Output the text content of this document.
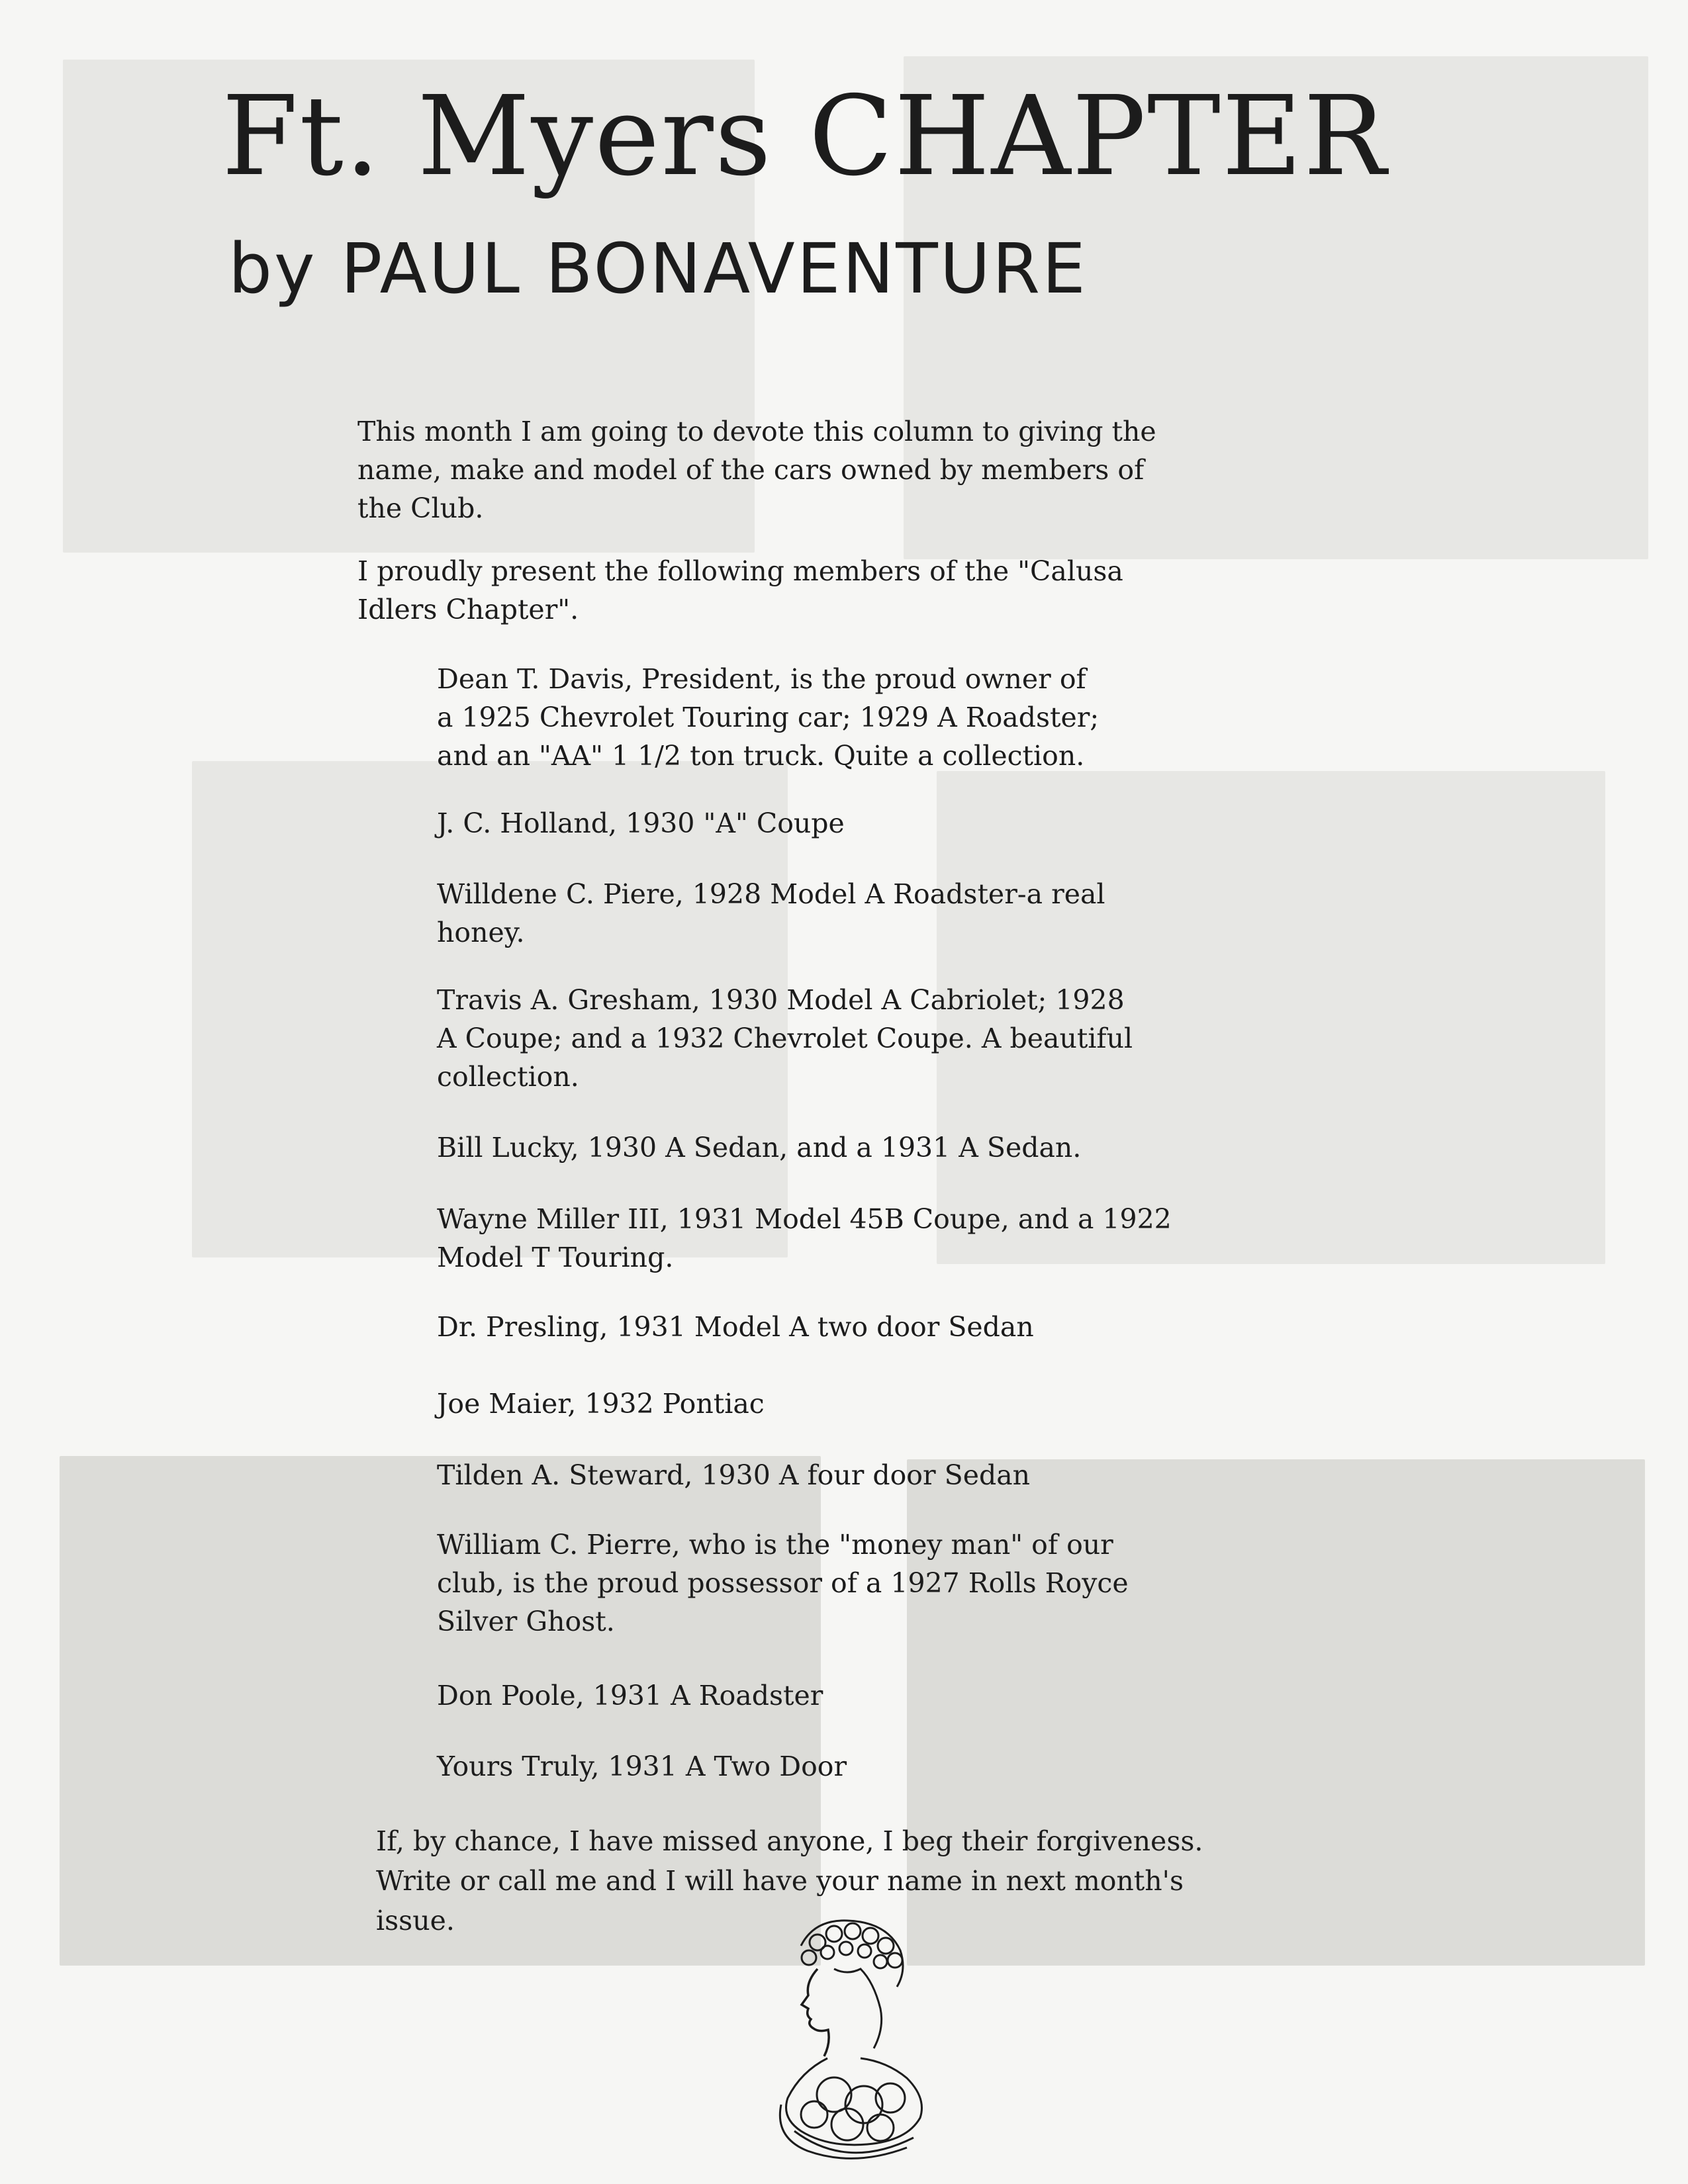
Ft. Myers CHAPTER
by PAUL BONAVENTURE

This month I am going to devote this column to giving the
name, make and model of the cars owned by members of
the Club.

I proudly present the following members of the "Calusa
Idlers Chapter".

Dean T. Davis, President, is the proud owner of
a 1925 Chevrolet Touring car; 1929 A Roadster;
and an "AA" 1 1/2 ton truck. Quite a collection.

J. C. Holland, 1930 "A" Coupe

Willdene C. Piere, 1928 Model A Roadster-a real
honey.

Travis A. Gresham, 1930 Model A Cabriolet; 1928
A Coupe; and a 1932 Chevrolet Coupe. A beautiful
collection.

Bill Lucky, 1930 A Sedan, and a 1931 A Sedan.

Wayne Miller III, 1931 Model 45B Coupe, and a 1922
Model T Touring.

Dr. Presling, 1931 Model A two door Sedan

Joe Maier, 1932 Pontiac

Tilden A. Steward, 1930 A four door Sedan

William C. Pierre, who is the "money man" of our
club, is the proud possessor of a 1927 Rolls Royce
Silver Ghost.

Don Poole, 1931 A Roadster

Yours Truly, 1931 A Two Door

If, by chance, I have missed anyone, I beg their forgiveness.
Write or call me and I will have your name in next month's
issue.
